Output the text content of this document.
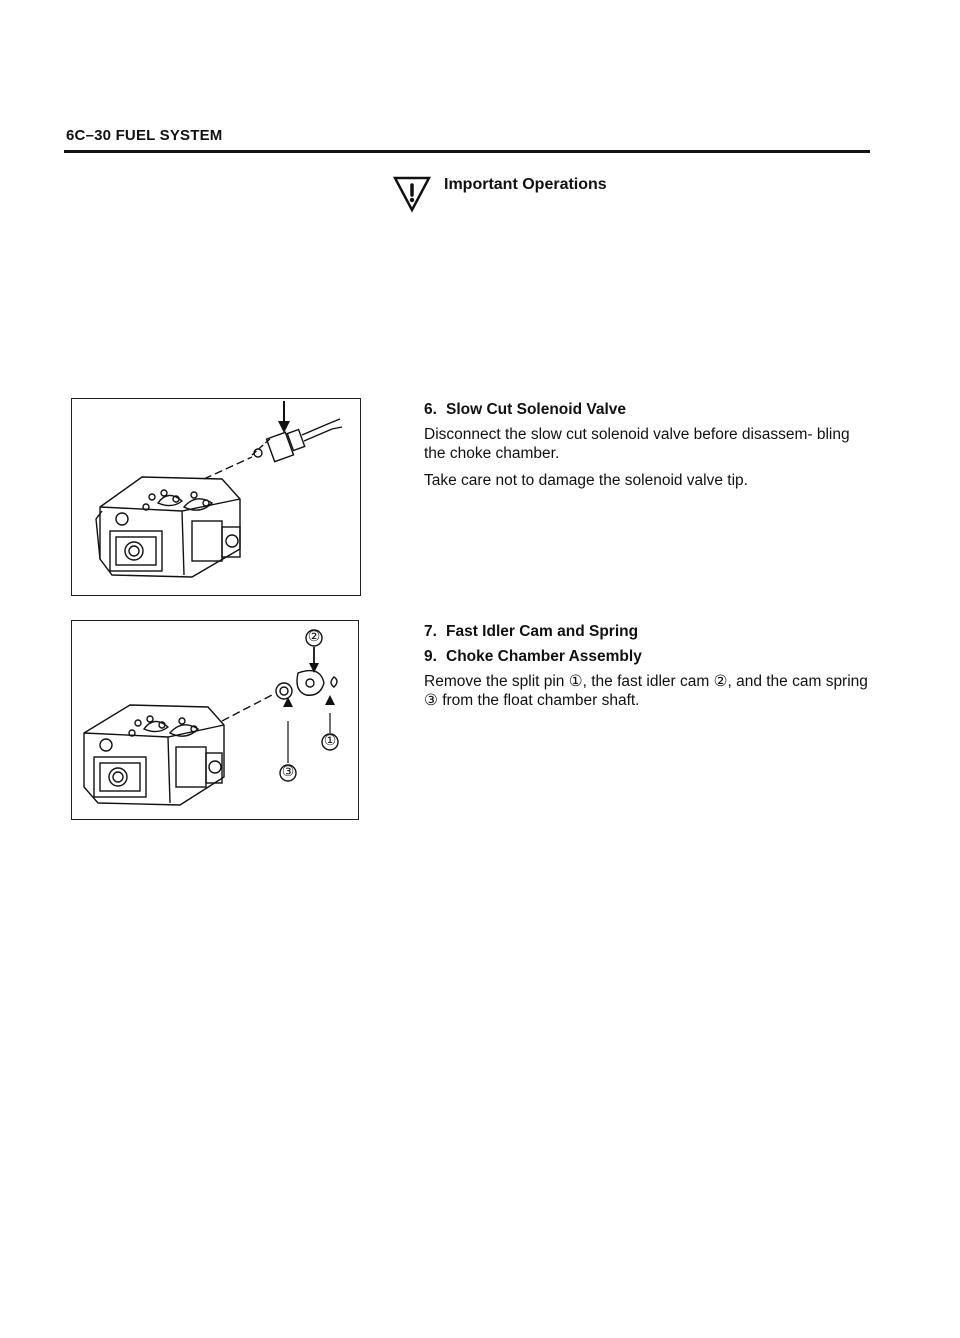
6C–30 FUEL SYSTEM
Important Operations
②
③
①
6. Slow Cut Solenoid Valve

Disconnect the slow cut solenoid valve before disassem- bling the choke chamber.

Take care not to damage the solenoid valve tip.

7. Fast Idler Cam and Spring
9. Choke Chamber Assembly

Remove the split pin ①, the fast idler cam ②, and the cam spring ③ from the float chamber shaft.
